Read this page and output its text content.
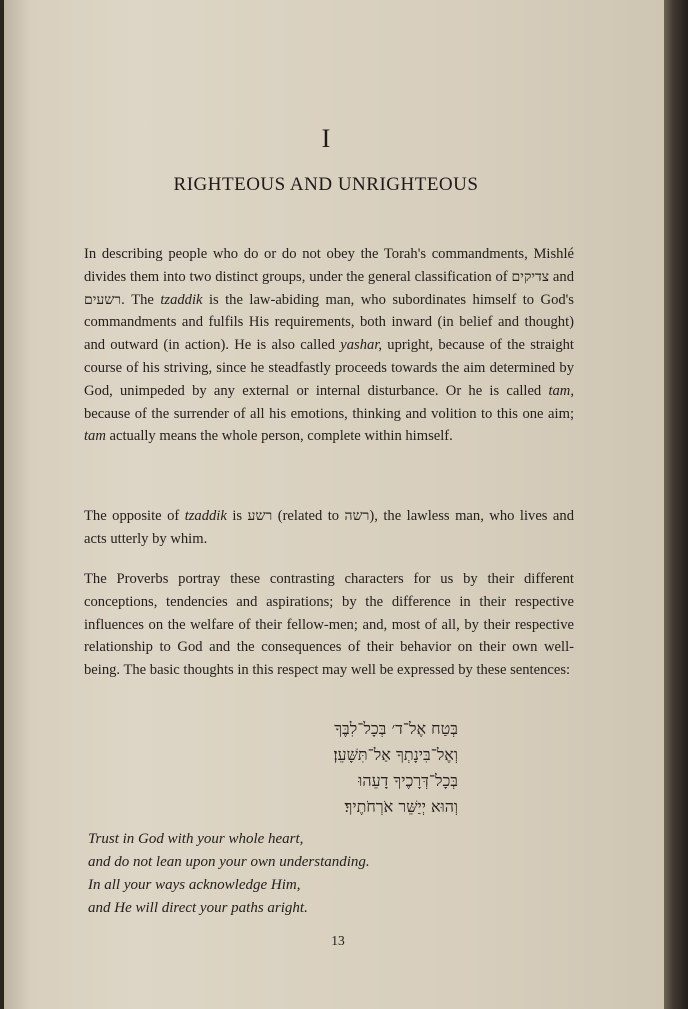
I
RIGHTEOUS AND UNRIGHTEOUS

In describing people who do or do not obey the Torah's commandments, Mishlé divides them into two distinct groups, under the general classification of צדיקים and רשעים. The tzaddik is the law-abiding man, who subordinates himself to God's commandments and fulfils His requirements, both inward (in belief and thought) and outward (in action). He is also called yashar, upright, because of the straight course of his striving, since he steadfastly proceeds towards the aim determined by God, unimpeded by any external or internal disturbance. Or he is called tam, because of the surrender of all his emotions, thinking and volition to this one aim; tam actually means the whole person, complete within himself.

The opposite of tzaddik is רשע (related to רשה), the lawless man, who lives and acts utterly by whim.

The Proverbs portray these contrasting characters for us by their different conceptions, tendencies and aspirations; by the difference in their respective influences on the welfare of their fellow-men; and, most of all, by their respective relationship to God and the consequences of their behavior on their own well-being. The basic thoughts in this respect may well be expressed by these sentences:

בְּטַח אֶל־ד׳ בְּכָל־לִבֶּךָ
וְאֶל־בִּינָתְךָ אַל־תִּשָּׁעֵן׃
בְּכָל־דְּרָכֶיךָ דָעֵהוּ
וְהוּא יְיַשֵּׁר אֹרְחֹתֶיךָ׃
Trust in God with your whole heart,
and do not lean upon your own understanding.
In all your ways acknowledge Him,
and He will direct your paths aright.
13
